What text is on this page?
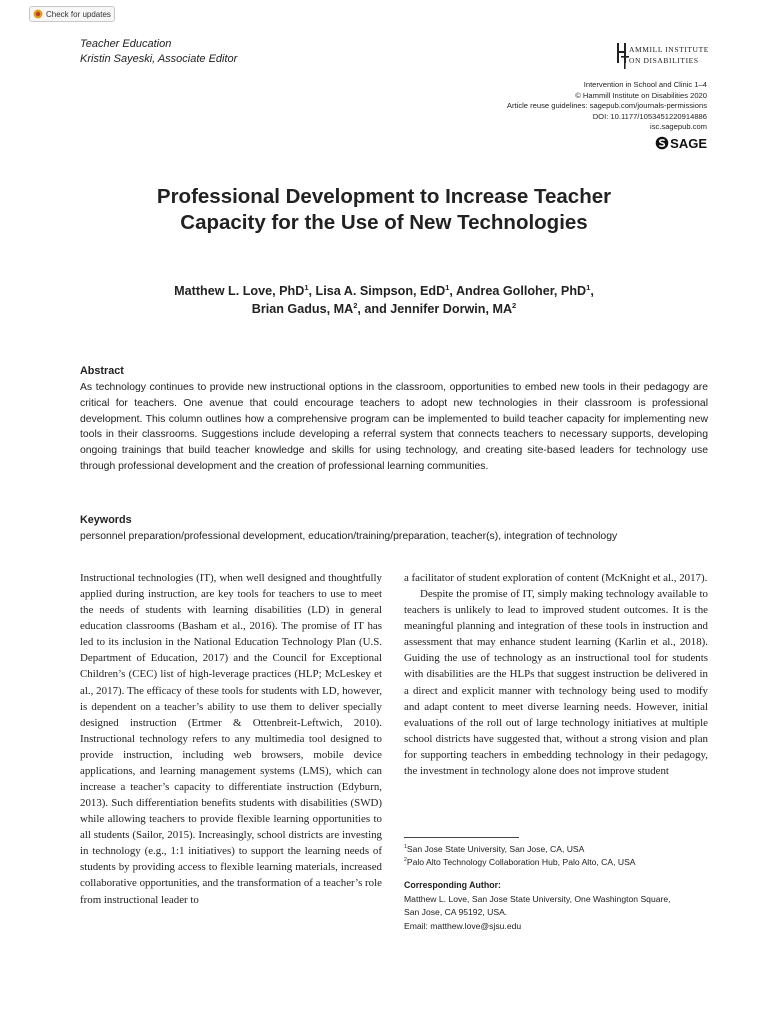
Check for updates
Teacher Education
Kristin Sayeski, Associate Editor
AMMILL INSTITUTE
ON DISABILITIES
Intervention in School and Clinic 1–4
© Hammill Institute on Disabilities 2020
Article reuse guidelines: sagepub.com/journals-permissions
DOI: 10.1177/1053451220914886
isc.sagepub.com
SAGE
Professional Development to Increase Teacher
Capacity for the Use of New Technologies
Matthew L. Love, PhD$^1$, Lisa A. Simpson, EdD$^1$, Andrea Golloher, PhD$^1$,
Brian Gadus, $MA^2$, and Jennifer Dorwin, $MA^2$
Abstract
As technology continues to provide new instructional options in the classroom, opportunities to embed new tools in their pedagogy are critical for teachers. One avenue that could encourage teachers to adopt new technologies in their classroom is professional development. This column outlines how a comprehensive program can be implemented to build teacher capacity for implementing new tools in their classrooms. Suggestions include developing a referral system that connects teachers to necessary supports, developing ongoing trainings that build teacher knowledge and skills for using technology, and creating site-based leaders for technology use through professional development and the creation of professional learning communities.
Keywords
personnel preparation/professional development, education/training/preparation, teacher(s), integration of technology

Instructional technologies (IT), when well designed and thoughtfully applied during instruction, are key tools for teachers to use to meet the needs of students with learning disabilities (LD) in general education classrooms (Basham et al., 2016). The promise of IT has led to its inclusion in the National Education Technology Plan (U.S. Department of Education, 2017) and the Council for Exceptional Children’s (CEC) list of high-leverage practices (HLP; McLeskey et al., 2017). The efficacy of these tools for students with LD, however, is dependent on a teacher’s ability to use them to deliver specially designed instruction (Ertmer & Ottenbreit-Leftwich, 2010). Instructional technology refers to any multimedia tool designed to provide instruction, including web browsers, mobile device applications, and learning management systems (LMS), which can increase a teacher’s capacity to differentiate instruction (Edyburn, 2013). Such differentiation benefits students with disabilities (SWD) while allowing teachers to provide flexible learning opportunities to all students (Sailor, 2015). Increasingly, school districts are investing in technology (e.g., 1:1 initiatives) to support the learning needs of students by providing access to flexible learning materials, increased collaborative opportunities, and the transformation of a teacher’s role from instructional leader to

a facilitator of student exploration of content (McKnight et al., 2017).

Despite the promise of IT, simply making technology available to teachers is unlikely to lead to improved student outcomes. It is the meaningful planning and integration of these tools in instruction and assessment that may enhance student learning (Karlin et al., 2018). Guiding the use of technology as an instructional tool for students with disabilities are the HLPs that suggest instruction be delivered in a direct and explicit manner with technology being used to modify and adapt content to meet diverse learning needs. However, initial evaluations of the roll out of large technology initiatives at multiple school districts have suggested that, without a strong vision and plan for supporting teachers in embedding technology in their pedagogy, the investment in technology alone does not improve student

$^1$San Jose State University, San Jose, CA, USA
$^2$Palo Alto Technology Collaboration Hub, Palo Alto, CA, USA
Corresponding Author:
Matthew L. Love, San Jose State University, One Washington Square,
San Jose, CA 95192, USA.
Email: matthew.love@sjsu.edu
